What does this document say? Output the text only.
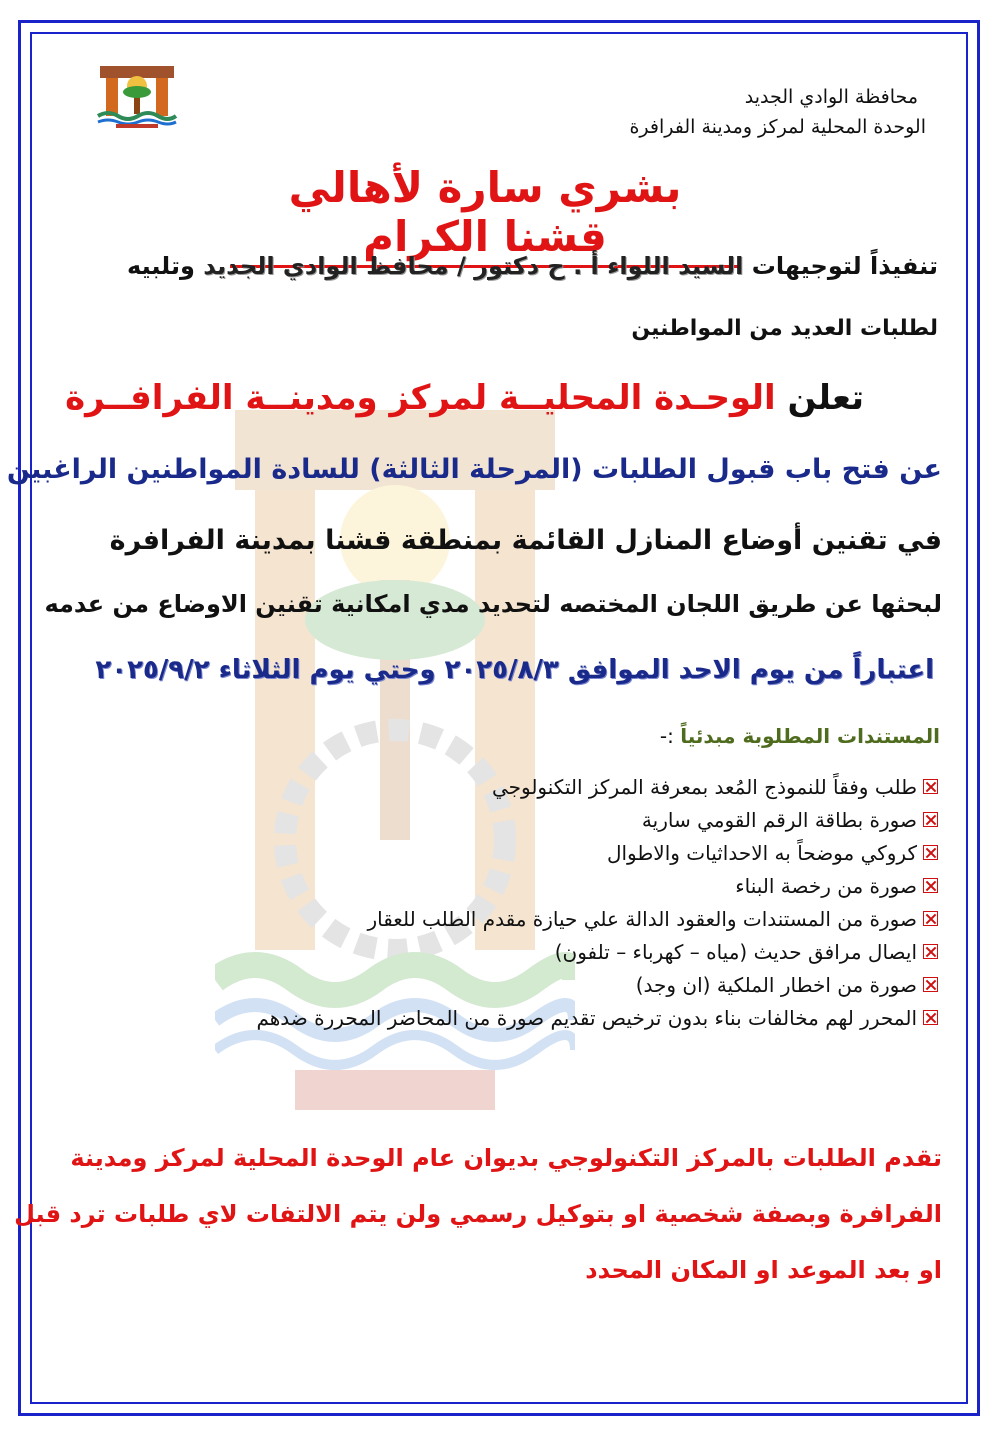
محافظة الوادي الجديد
الوحدة المحلية لمركز ومدينة الفرافرة
بشري سارة لأهالي قشنا الكرام
تنفيذاً لتوجيهات السيد اللواء أ . ح دكتور / محافظ الوادي الجديد وتلبيه
لطلبات العديد من المواطنين
تعلن الوحـدة المحليــة لمركز ومدينــة الفرافــرة
عن فتح باب قبول الطلبات (المرحلة الثالثة) للسادة المواطنين الراغبين
في تقنين أوضاع المنازل القائمة بمنطقة قشنا بمدينة الفرافرة
لبحثها عن طريق اللجان المختصه لتحديد مدي امكانية تقنين الاوضاع من عدمه
اعتباراً من يوم الاحد الموافق ٢٠٢٥/٨/٣ وحتي يوم الثلاثاء ٢٠٢٥/٩/٢
المستندات المطلوبة مبدئياً :-
طلب وفقاً للنموذج المُعد بمعرفة المركز التكنولوجي
صورة بطاقة الرقم القومي سارية
كروكي موضحاً به الاحداثيات والاطوال
صورة من رخصة البناء
صورة من المستندات والعقود الدالة علي حيازة مقدم الطلب للعقار
ايصال مرافق حديث (مياه – كهرباء – تلفون)
صورة من اخطار الملكية (ان وجد)
المحرر لهم مخالفات بناء بدون ترخيص تقديم صورة من المحاضر المحررة ضدهم
تقدم الطلبات بالمركز التكنولوجي بديوان عام الوحدة المحلية لمركز ومدينة
الفرافرة وبصفة شخصية او بتوكيل رسمي ولن يتم الالتفات لاي طلبات ترد قبل
او بعد الموعد او المكان المحدد
